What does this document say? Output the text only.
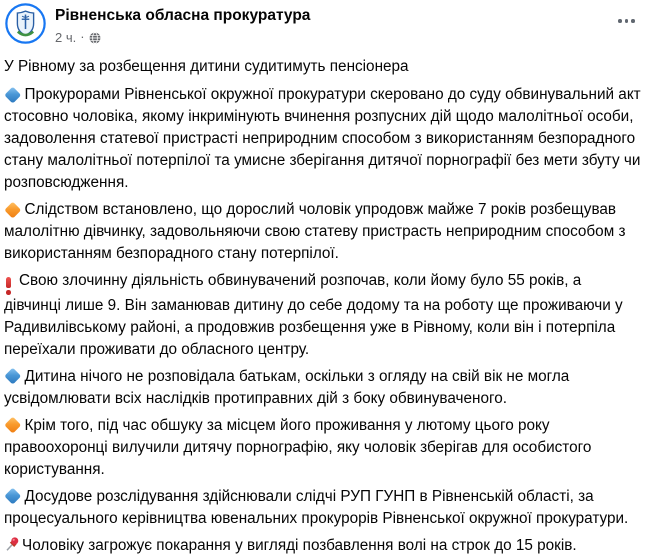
Рівненська обласна прокуратура
2 ч. ·

У Рівному за розбещення дитини судитимуть пенсіонера

Прокурорами Рівненської окружної прокуратури скеровано до суду обвинувальний акт стосовно чоловіка, якому інкримінують вчинення розпусних дій щодо малолітньої особи, задоволення статевої пристрасті неприродним способом з використанням безпорадного стану малолітньої потерпілої та умисне зберігання дитячої порнографії без мети збуту чи розповсюдження.

Слідством встановлено, що дорослий чоловік упродовж майже 7 років розбещував малолітню дівчинку, задовольняючи свою статеву пристрасть неприродним способом з використанням безпорадного стану потерпілої.

Свою злочинну діяльність обвинувачений розпочав, коли йому було 55 років, а дівчинці лише 9. Він заманював дитину до себе додому та на роботу ще проживаючи у Радивилівському районі, а продовжив розбещення уже в Рівному, коли він і потерпіла переїхали проживати до обласного центру.

Дитина нічого не розповідала батькам, оскільки з огляду на свій вік не могла усвідомлювати всіх наслідків протиправних дій з боку обвинуваченого.

Крім того, під час обшуку за місцем його проживання у лютому цього року правоохоронці вилучили дитячу порнографію, яку чоловік зберігав для особистого користування.

Досудове розслідування здійснювали слідчі РУП ГУНП в Рівненській області, за процесуального керівництва ювенальних прокурорів Рівненської окружної прокуратури.

Чоловіку загрожує покарання у вигляді позбавлення волі на строк до 15 років.
